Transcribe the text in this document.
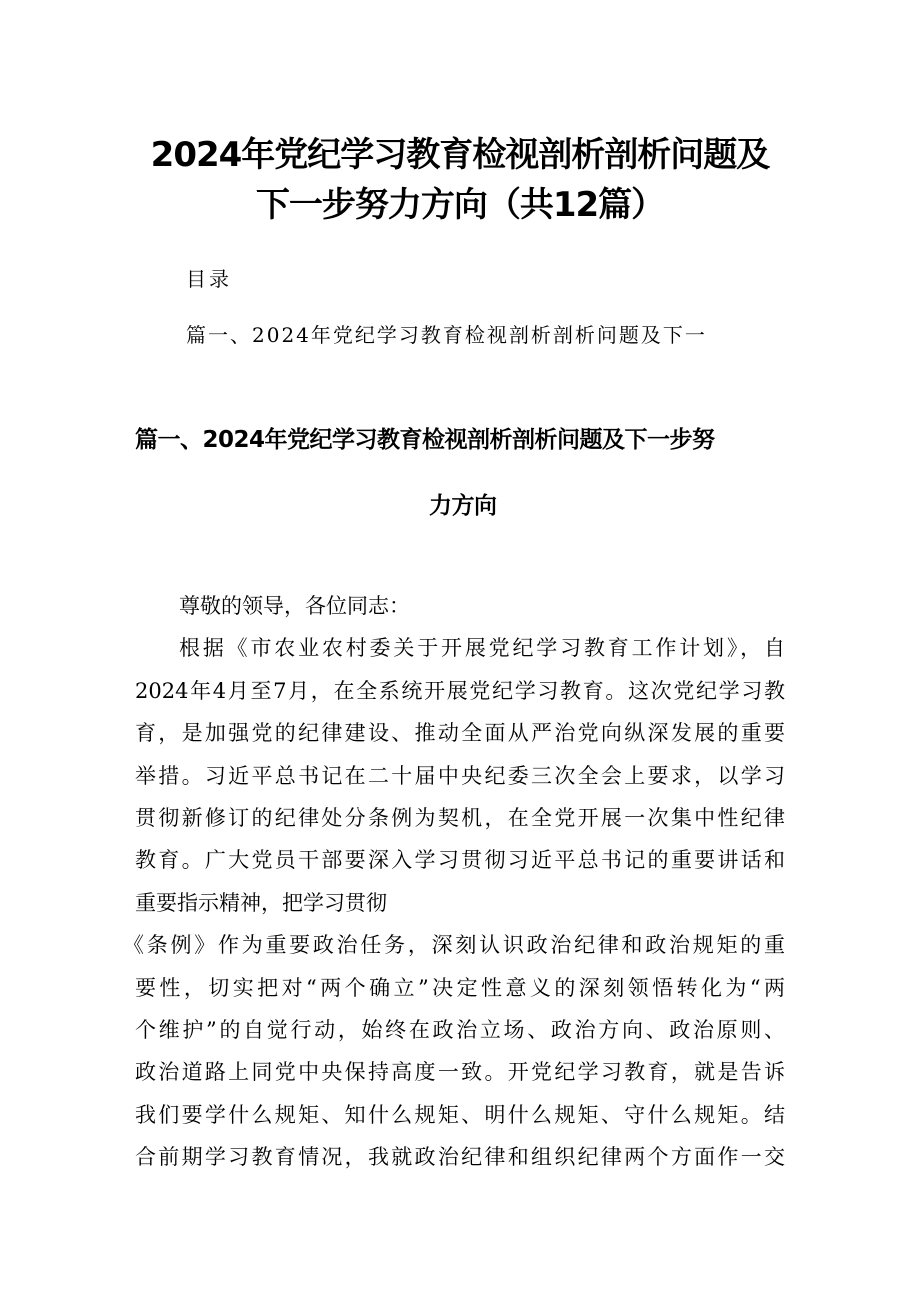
2024年党纪学习教育检视剖析剖析问题及
下一步努力方向（共12篇）
目录
篇一、2024年党纪学习教育检视剖析剖析问题及下一
篇一、2024年党纪学习教育检视剖析剖析问题及下一步努
力方向
尊敬的领导，各位同志：
根据《市农业农村委关于开展党纪学习教育工作计划》，自
2024年4月至7月，在全系统开展党纪学习教育。这次党纪学习教
育，是加强党的纪律建设、推动全面从严治党向纵深发展的重要
举措。习近平总书记在二十届中央纪委三次全会上要求，以学习
贯彻新修订的纪律处分条例为契机，在全党开展一次集中性纪律
教育。广大党员干部要深入学习贯彻习近平总书记的重要讲话和
重要指示精神，把学习贯彻
《条例》作为重要政治任务，深刻认识政治纪律和政治规矩的重
要性，切实把对“两个确立”决定性意义的深刻领悟转化为“两
个维护”的自觉行动，始终在政治立场、政治方向、政治原则、
政治道路上同党中央保持高度一致。开党纪学习教育，就是告诉
我们要学什么规矩、知什么规矩、明什么规矩、守什么规矩。结
合前期学习教育情况，我就政治纪律和组织纪律两个方面作一交
